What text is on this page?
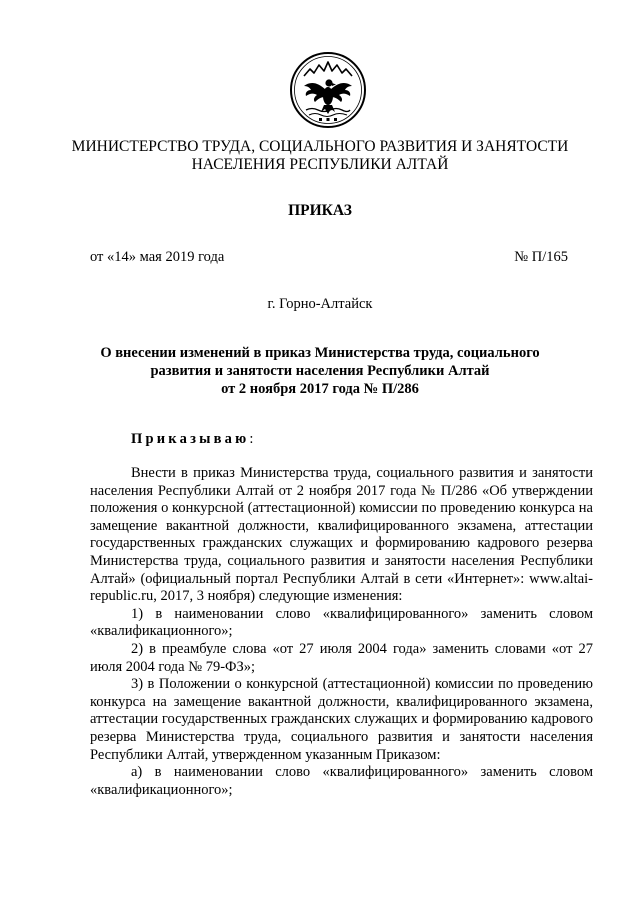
МИНИСТЕРСТВО ТРУДА, СОЦИАЛЬНОГО РАЗВИТИЯ И ЗАНЯТОСТИ
НАСЕЛЕНИЯ РЕСПУБЛИКИ АЛТАЙ
ПРИКАЗ
от «14» мая 2019 года	№ П/165
г. Горно-Алтайск
О внесении изменений в приказ Министерства труда, социального
развития и занятости населения Республики Алтай
от 2 ноября 2017 года № П/286
Приказываю:

Внести в приказ Министерства труда, социального развития и занятости населения Республики Алтай от 2 ноября 2017 года № П/286 «Об утверждении положения о конкурсной (аттестационной) комиссии по проведению конкурса на замещение вакантной должности, квалифицированного экзамена, аттестации государственных гражданских служащих и формированию кадрового резерва Министерства труда, социального развития и занятости населения Республики Алтай» (официальный портал Республики Алтай в сети «Интернет»: www.altai-republic.ru, 2017, 3 ноября) следующие изменения:

1) в наименовании слово «квалифицированного» заменить словом «квалификационного»;

2) в преамбуле слова «от 27 июля 2004 года» заменить словами «от 27 июля 2004 года № 79-ФЗ»;

3) в Положении о конкурсной (аттестационной) комиссии по проведению конкурса на замещение вакантной должности, квалифицированного экзамена, аттестации государственных гражданских служащих и формированию кадрового резерва Министерства труда, социального развития и занятости населения Республики Алтай, утвержденном указанным Приказом:

а) в наименовании слово «квалифицированного» заменить словом «квалификационного»;
